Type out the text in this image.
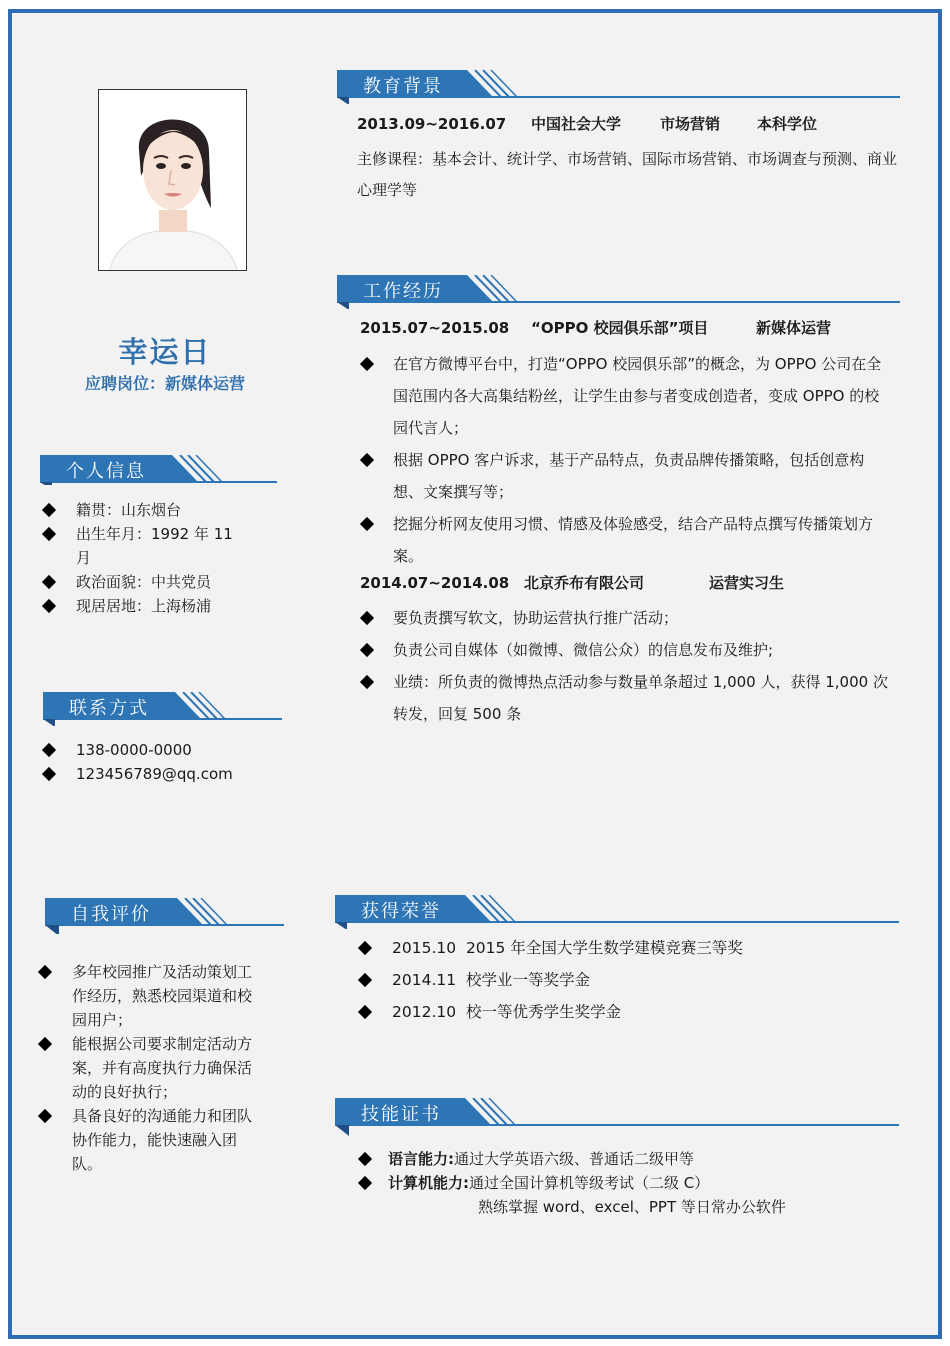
幸运日
应聘岗位：新媒体运营
个人信息
籍贯：山东烟台
出生年月：1992 年 11 月
政治面貌：中共党员
现居居地：上海杨浦
联系方式
138-0000-0000
123456789@qq.com
自我评价
多年校园推广及活动策划工作经历，熟悉校园渠道和校园用户；
能根据公司要求制定活动方案，并有高度执行力确保活动的良好执行；
具备良好的沟通能力和团队协作能力，能快速融入团队。
教育背景
2013.09~2016.07 中国社会大学	市场营销 本科学位
主修课程：基本会计、统计学、市场营销、国际市场营销、市场调查与预测、商业心理学等
工作经历
2015.07~2015.08 “OPPO 校园俱乐部”项目	新媒体运营
在官方微博平台中，打造“OPPO 校园俱乐部”的概念，为 OPPO 公司在全国范围内各大高集结粉丝，让学生由参与者变成创造者，变成 OPPO 的校园代言人；
根据 OPPO 客户诉求，基于产品特点，负责品牌传播策略，包括创意构想、文案撰写等；
挖掘分析网友使用习惯、情感及体验感受，结合产品特点撰写传播策划方案。
2014.07~2014.08 北京乔布有限公司	运营实习生
要负责撰写软文，协助运营执行推广活动；
负责公司自媒体（如微博、微信公众）的信息发布及维护;
业绩：所负责的微博热点活动参与数量单条超过 1,000 人，获得 1,000 次转发，回复 500 条
获得荣誉
2015.10  2015 年全国大学生数学建模竞赛三等奖
2014.11  校学业一等奖学金
2012.10  校一等优秀学生奖学金
技能证书
语言能力:通过大学英语六级、普通话二级甲等
计算机能力:通过全国计算机等级考试（二级 C）
熟练掌握 word、excel、PPT 等日常办公软件
